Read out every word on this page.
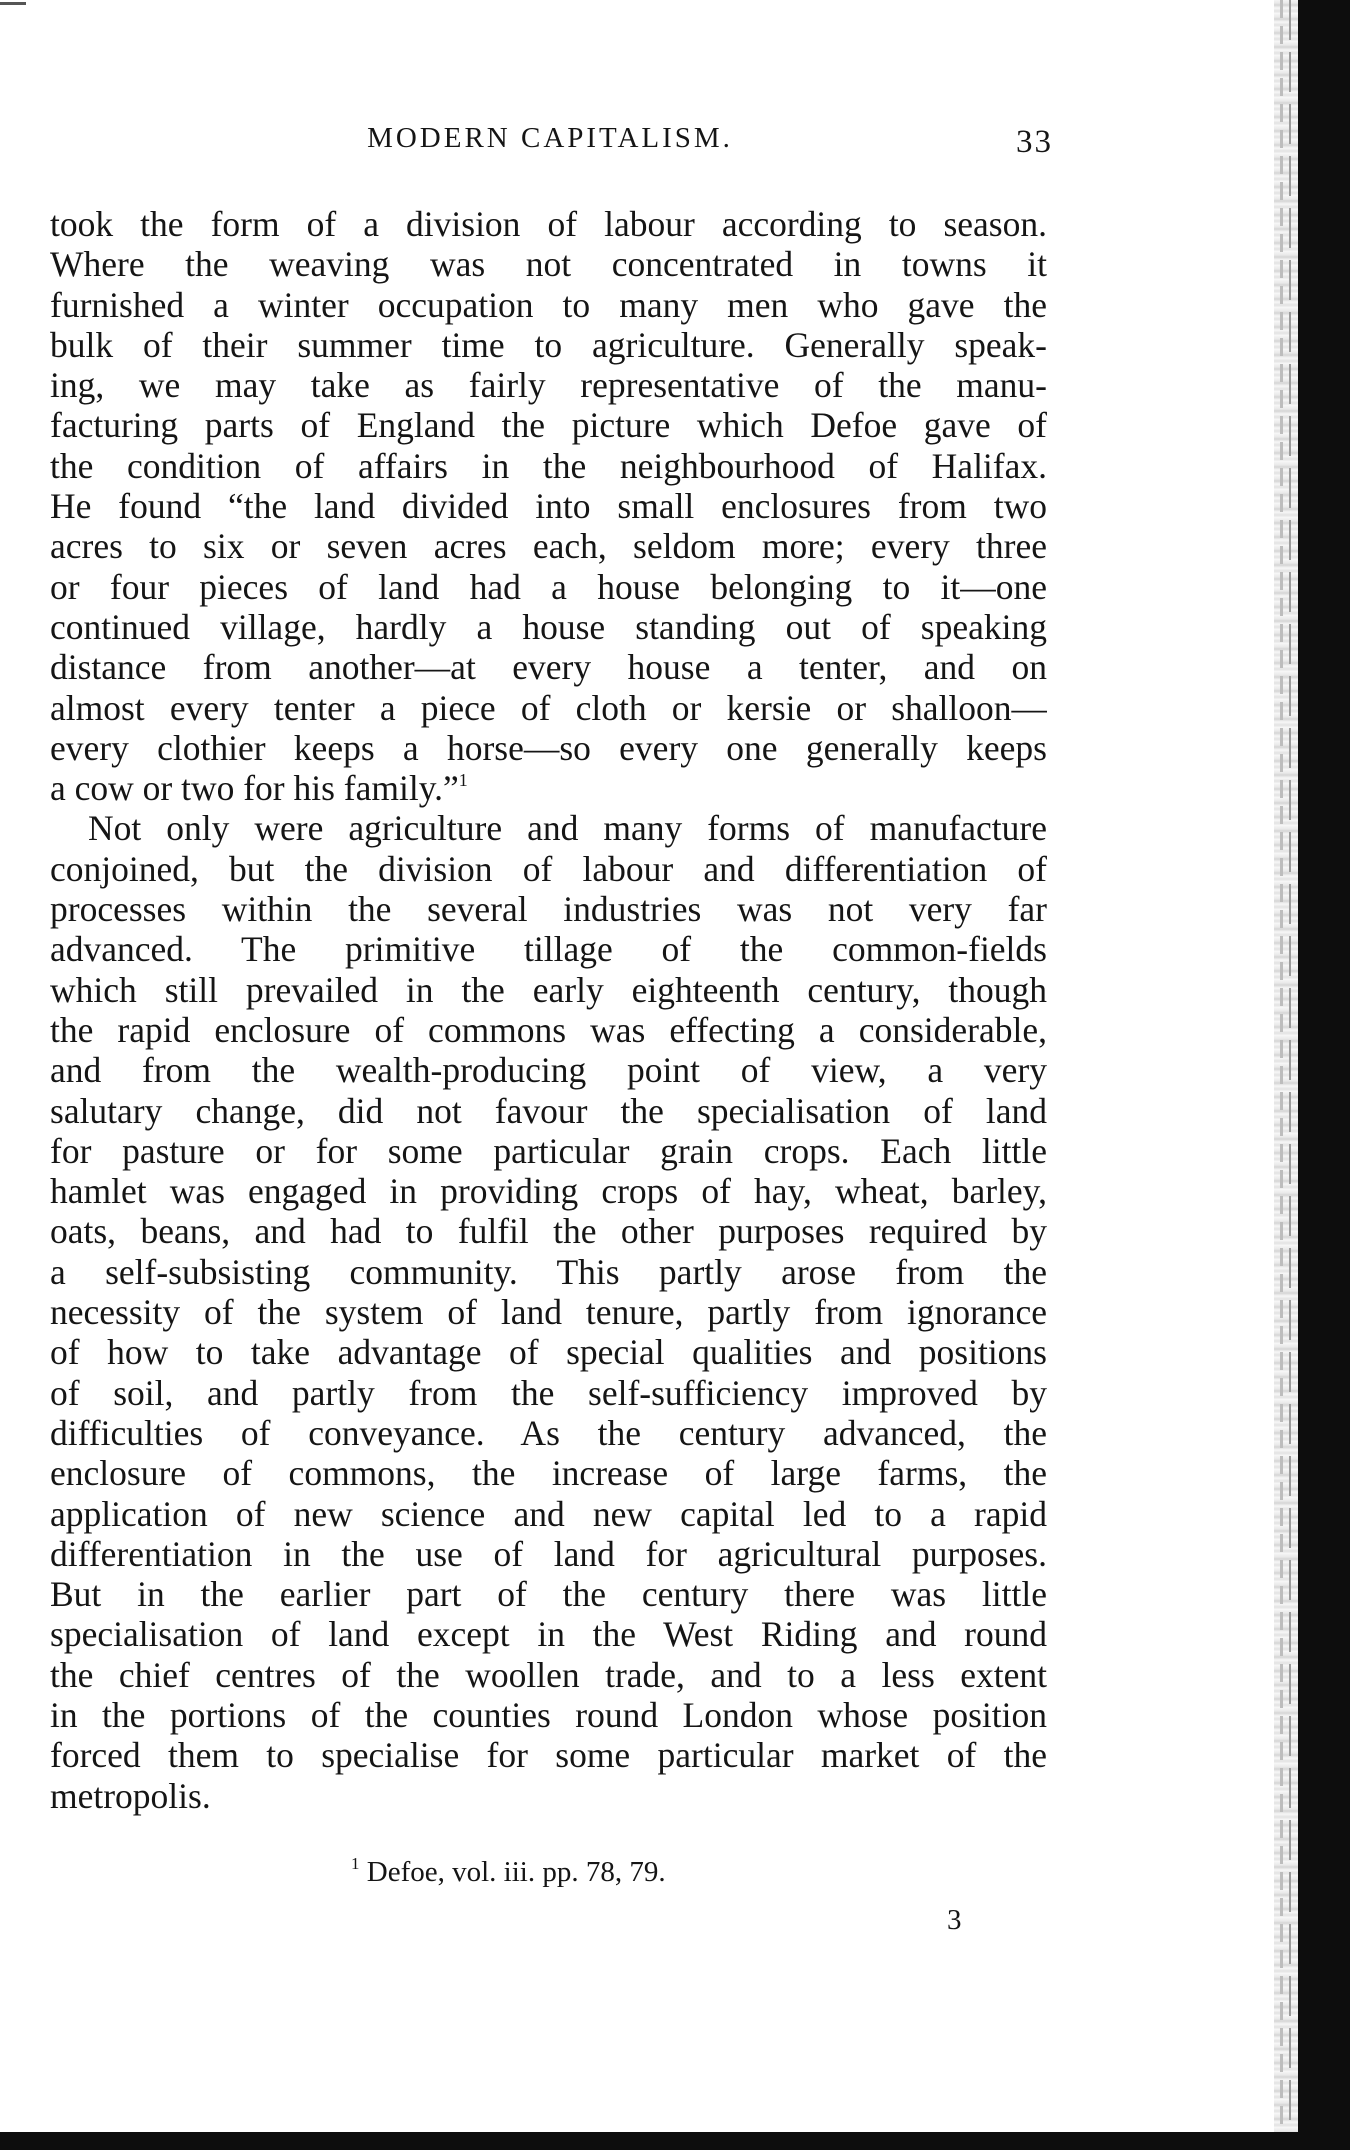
MODERN CAPITALISM.	33
took the form of a division of labour according to season.
Where the weaving was not concentrated in towns it
furnished a winter occupation to many men who gave the
bulk of their summer time to agriculture. Generally speak-
ing, we may take as fairly representative of the manu-
facturing parts of England the picture which Defoe gave of
the condition of affairs in the neighbourhood of Halifax.
He found “the land divided into small enclosures from two
acres to six or seven acres each, seldom more; every three
or four pieces of land had a house belonging to it—one
continued village, hardly a house standing out of speaking
distance from another—at every house a tenter, and on
almost every tenter a piece of cloth or kersie or shalloon—
every clothier keeps a horse—so every one generally keeps
a cow or two for his family.”$^1$
Not only were agriculture and many forms of manufacture
conjoined, but the division of labour and differentiation of
processes within the several industries was not very far
advanced. The primitive tillage of the common-fields
which still prevailed in the early eighteenth century, though
the rapid enclosure of commons was effecting a considerable,
and from the wealth-producing point of view, a very
salutary change, did not favour the specialisation of land
for pasture or for some particular grain crops. Each little
hamlet was engaged in providing crops of hay, wheat, barley,
oats, beans, and had to fulfil the other purposes required by
a self-subsisting community. This partly arose from the
necessity of the system of land tenure, partly from ignorance
of how to take advantage of special qualities and positions
of soil, and partly from the self-sufficiency improved by
difficulties of conveyance. As the century advanced, the
enclosure of commons, the increase of large farms, the
application of new science and new capital led to a rapid
differentiation in the use of land for agricultural purposes.
But in the earlier part of the century there was little
specialisation of land except in the West Riding and round
the chief centres of the woollen trade, and to a less extent
in the portions of the counties round London whose position
forced them to specialise for some particular market of the
metropolis.
$^1$ Defoe, vol. iii. pp. 78, 79.
3
